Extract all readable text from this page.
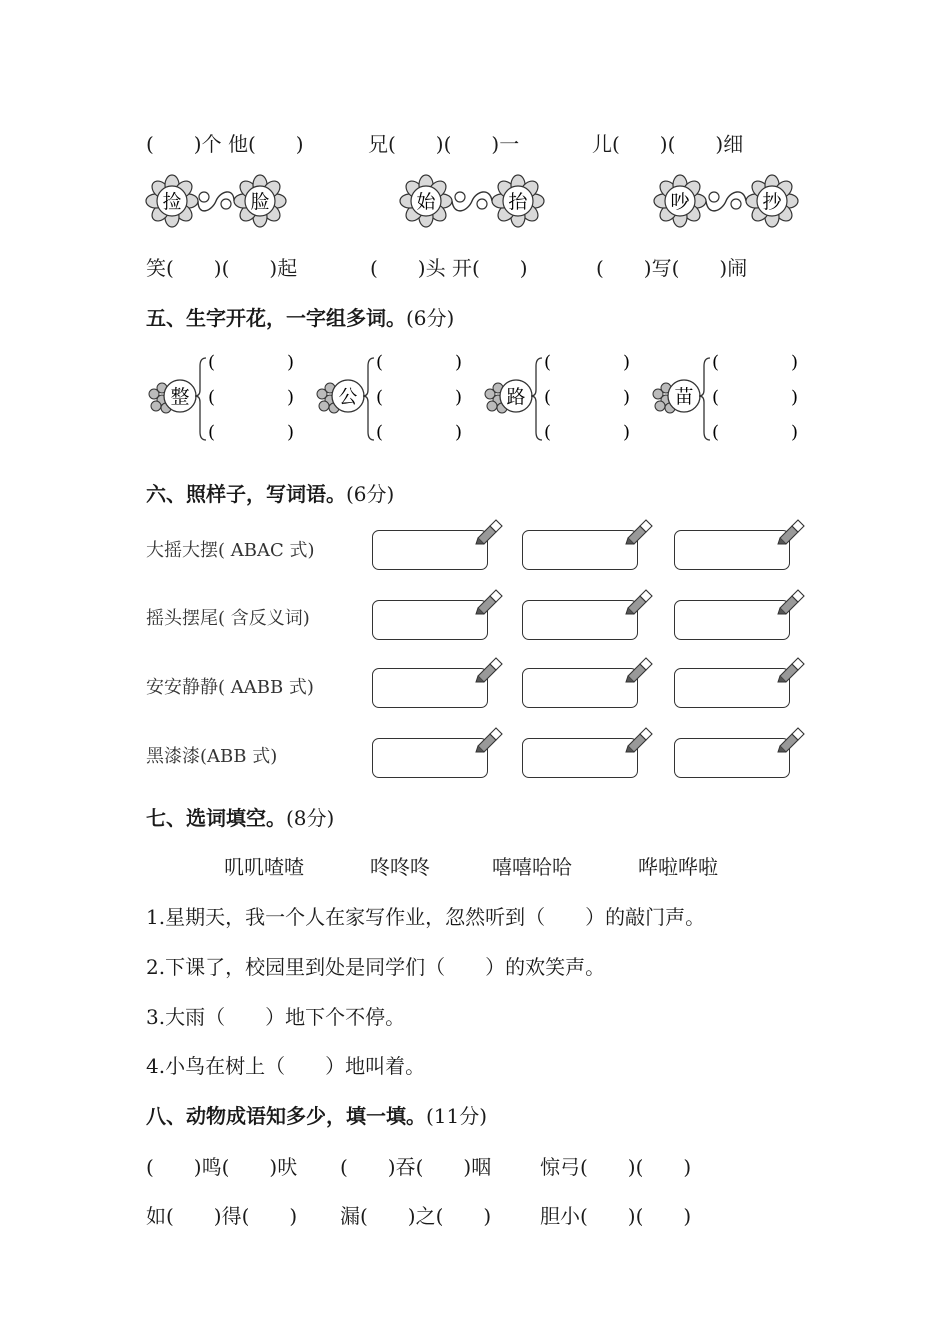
(　　)个 他(　　)	兄(　　)(　　)一	儿(　　)(　　)细
捡	脸	始	抬	吵	抄
笑(　　)(　　)起	(　　)头 开(　　)	(　　)写(　　)闹
五、生字开花，一字组多词。(6分)
整
(　　　　)
(　　　　)
(　　　　)
公
(　　　　)
(　　　　)
(　　　　)
路
(　　　　)
(　　　　)
(　　　　)
苗
(　　　　)
(　　　　)
(　　　　)
六、照样子，写词语。(6分)
大摇大摆( ABAC 式)
摇头摆尾( 含反义词)
安安静静( AABB 式)
黑漆漆(ABB 式)
七、选词填空。(8分)
叽叽喳喳	咚咚咚	嘻嘻哈哈	哗啦哗啦
1.星期天，我一个人在家写作业，忽然听到（　　）的敲门声。
2.下课了，校园里到处是同学们（　　）的欢笑声。
3.大雨（　　）地下个不停。
4.小鸟在树上（　　）地叫着。
八、动物成语知多少，填一填。(11分)
(　　)鸣(　　)吠 (　　)吞(　　)咽 惊弓(　　)(　　)
如(　　)得(　　) 漏(　　)之(　　) 胆小(　　)(　　)
